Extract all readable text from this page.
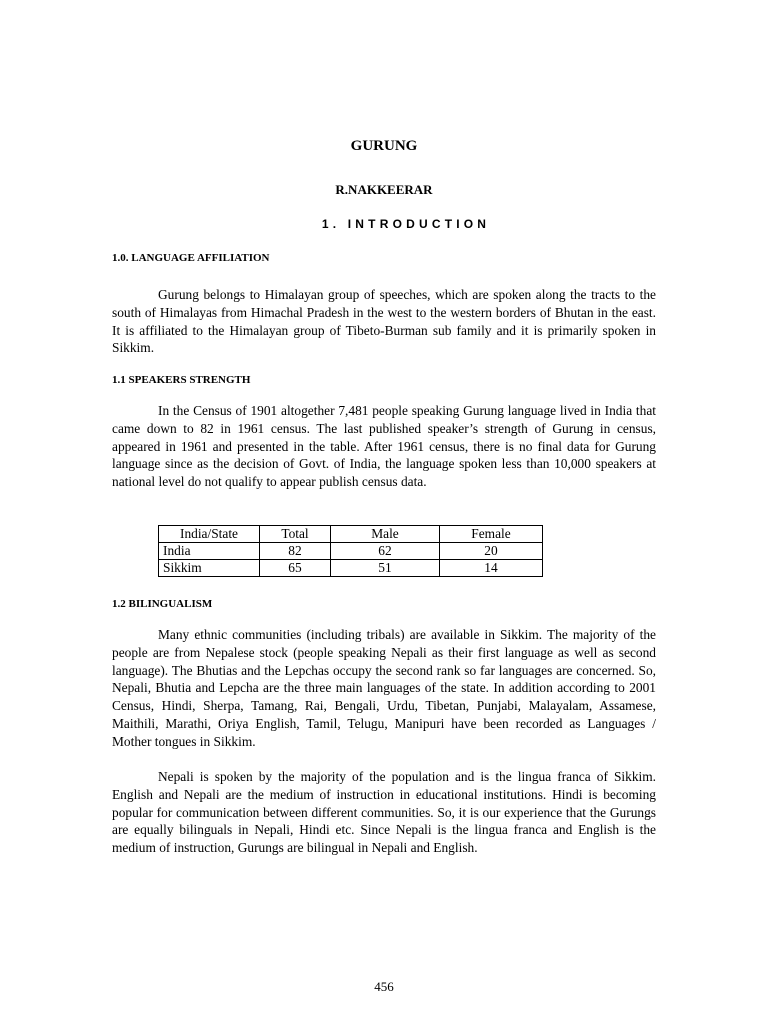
GURUNG

R.NAKKEERAR

1. INTRODUCTION
1.0. LANGUAGE AFFILIATION

Gurung belongs to Himalayan group of speeches, which are spoken along the tracts to the south of Himalayas from Himachal Pradesh in the west to the western borders of Bhutan in the east. It is affiliated to the Himalayan group of Tibeto-Burman sub family and it is primarily spoken in Sikkim.

1.1 SPEAKERS STRENGTH

In the Census of 1901 altogether 7,481 people speaking Gurung language lived in India that came down to 82 in 1961 census. The last published speaker’s strength of Gurung in census, appeared in 1961 and presented in the table. After 1961 census, there is no final data for Gurung language since as the decision of Govt. of India, the language spoken less than 10,000 speakers at national level do not qualify to appear publish census data.

India/State	Total	Male	Female
India	82	62	20
Sikkim	65	51	14
1.2 BILINGUALISM

Many ethnic communities (including tribals) are available in Sikkim. The majority of the people are from Nepalese stock (people speaking Nepali as their first language as well as second language). The Bhutias and the Lepchas occupy the second rank so far languages are concerned. So, Nepali, Bhutia and Lepcha are the three main languages of the state. In addition according to 2001 Census, Hindi, Sherpa, Tamang, Rai, Bengali, Urdu, Tibetan, Punjabi, Malayalam, Assamese, Maithili, Marathi, Oriya English, Tamil, Telugu, Manipuri have been recorded as Languages / Mother tongues in Sikkim.

Nepali is spoken by the majority of the population and is the lingua franca of Sikkim. English and Nepali are the medium of instruction in educational institutions. Hindi is becoming popular for communication between different communities. So, it is our experience that the Gurungs are equally bilinguals in Nepali, Hindi etc. Since Nepali is the lingua franca and English is the medium of instruction, Gurungs are bilingual in Nepali and English.

456
